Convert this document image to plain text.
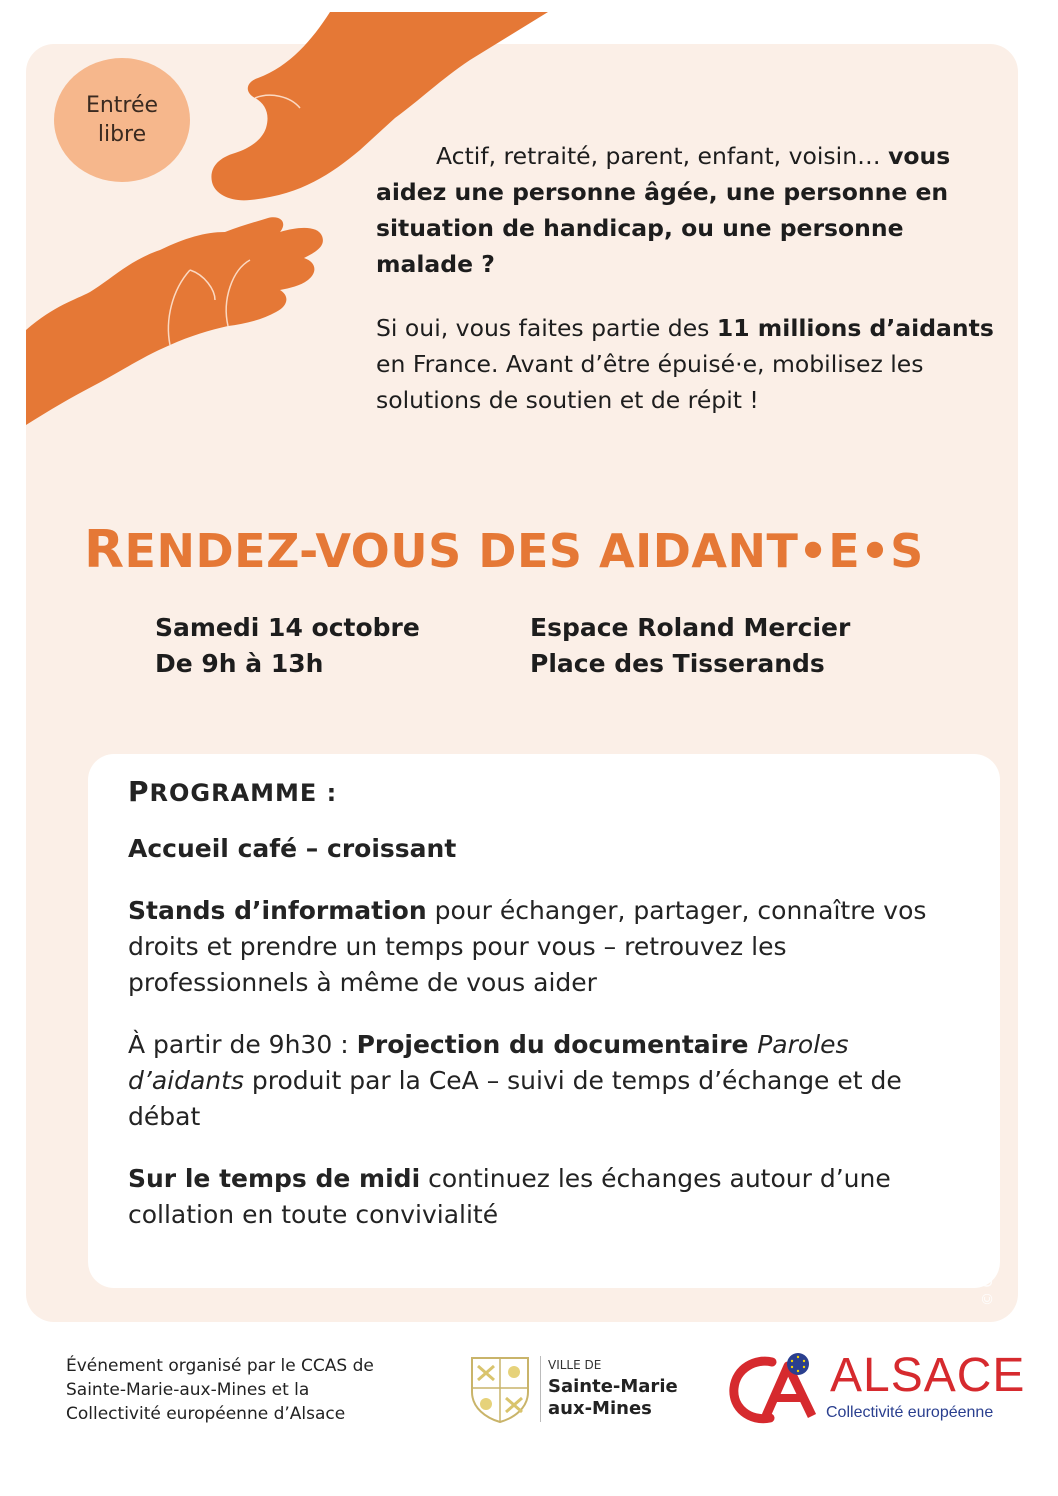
Entrée
libre

Actif, retraité, parent, enfant, voisin… vous aidez une personne âgée, une personne en situation de handicap, ou une personne malade ?

Si oui, vous faites partie des 11 millions d’aidants en France. Avant d’être épuisé·e, mobilisez les solutions de soutien et de répit !

RENDEZ-VOUS DES AIDANT•E•S
Samedi 14 octobre
De 9h à 13h
Espace Roland Mercier
Place des Tisserands

PROGRAMME :

Accueil café – croissant

Stands d’information pour échanger, partager, connaître vos droits et prendre un temps pour vous – retrouvez les professionnels à même de vous aider

À partir de 9h30 : Projection du documentaire Paroles d’aidants produit par la CeA – suivi de temps d’échange et de débat

Sur le temps de midi continuez les échanges autour d’une collation en toute convivialité	© Cette affiche a été conçue à l’aide d’images issues de Freepik.com
Événement organisé par le CCAS de
Sainte-Marie-aux-Mines et la
Collectivité européenne d’Alsace
VILLE DE
Sainte-Marie
aux-Mines
ALSACE
Collectivité européenne
